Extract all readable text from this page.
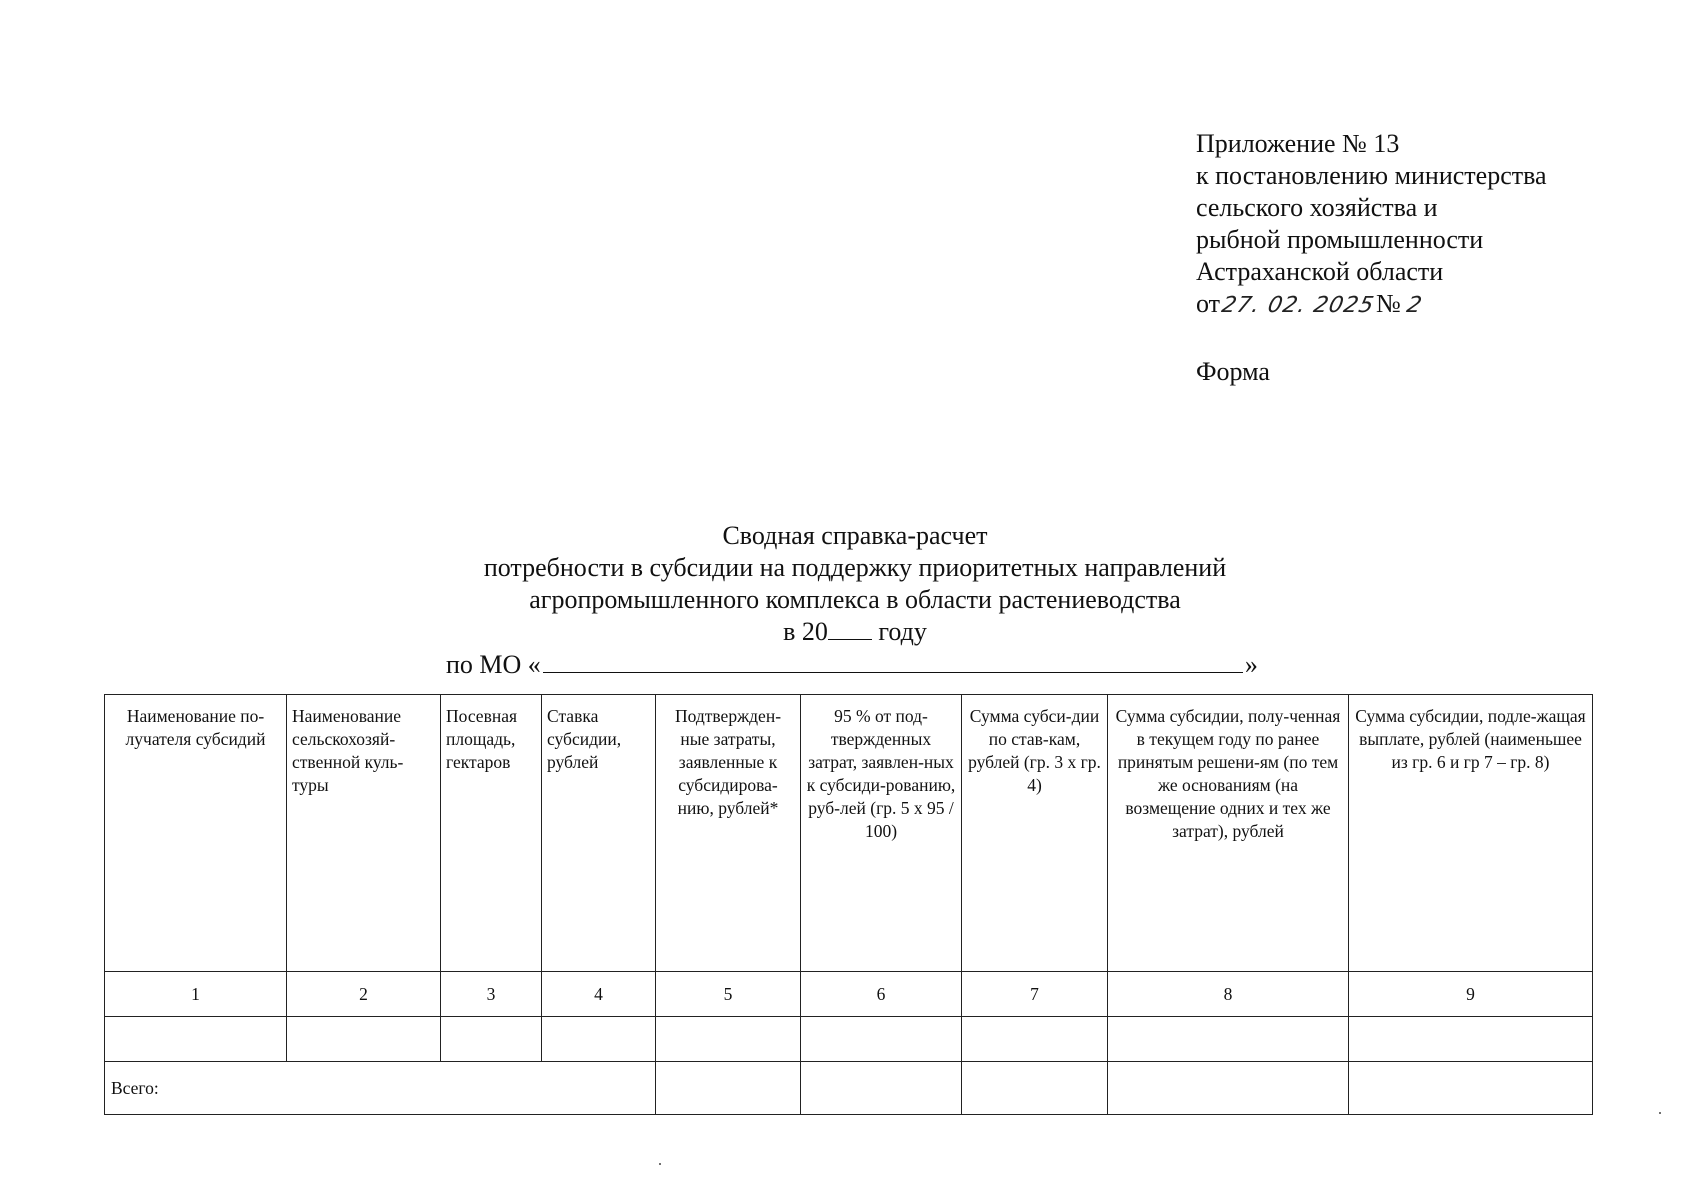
Приложение № 13
к постановлению министерства
сельского хозяйства и
рыбной промышленности
Астраханской области
от 27. 02. 2025 № 2
Форма
Сводная справка-расчет
потребности в субсидии на поддержку приоритетных направлений
агропромышленного комплекса в области растениеводства
в 20 году
по МО «	»
Наименование по-лучателя субсидий	Наименование сельскохозяй-ственной куль-туры	Посевная площадь, гектаров	Ставка субсидии, рублей	Подтвержден-ные затраты, заявленные к субсидирова-нию, рублей*	95 % от под-твержденных затрат, заявлен-ных к субсиди-рованию, руб-лей (гр. 5 х 95 / 100)	Сумма субси-дии по став-кам, рублей (гр. 3 х гр. 4)	Сумма субсидии, полу-ченная в текущем году по ранее принятым решени-ям (по тем же основаниям (на возмещение одних и тех же затрат), рублей	Сумма субсидии, подле-жащая выплате, рублей (наименьшее из гр. 6 и гр 7 – гр. 8)
1	2	3	4	5	6	7	8	9

Всего:								
